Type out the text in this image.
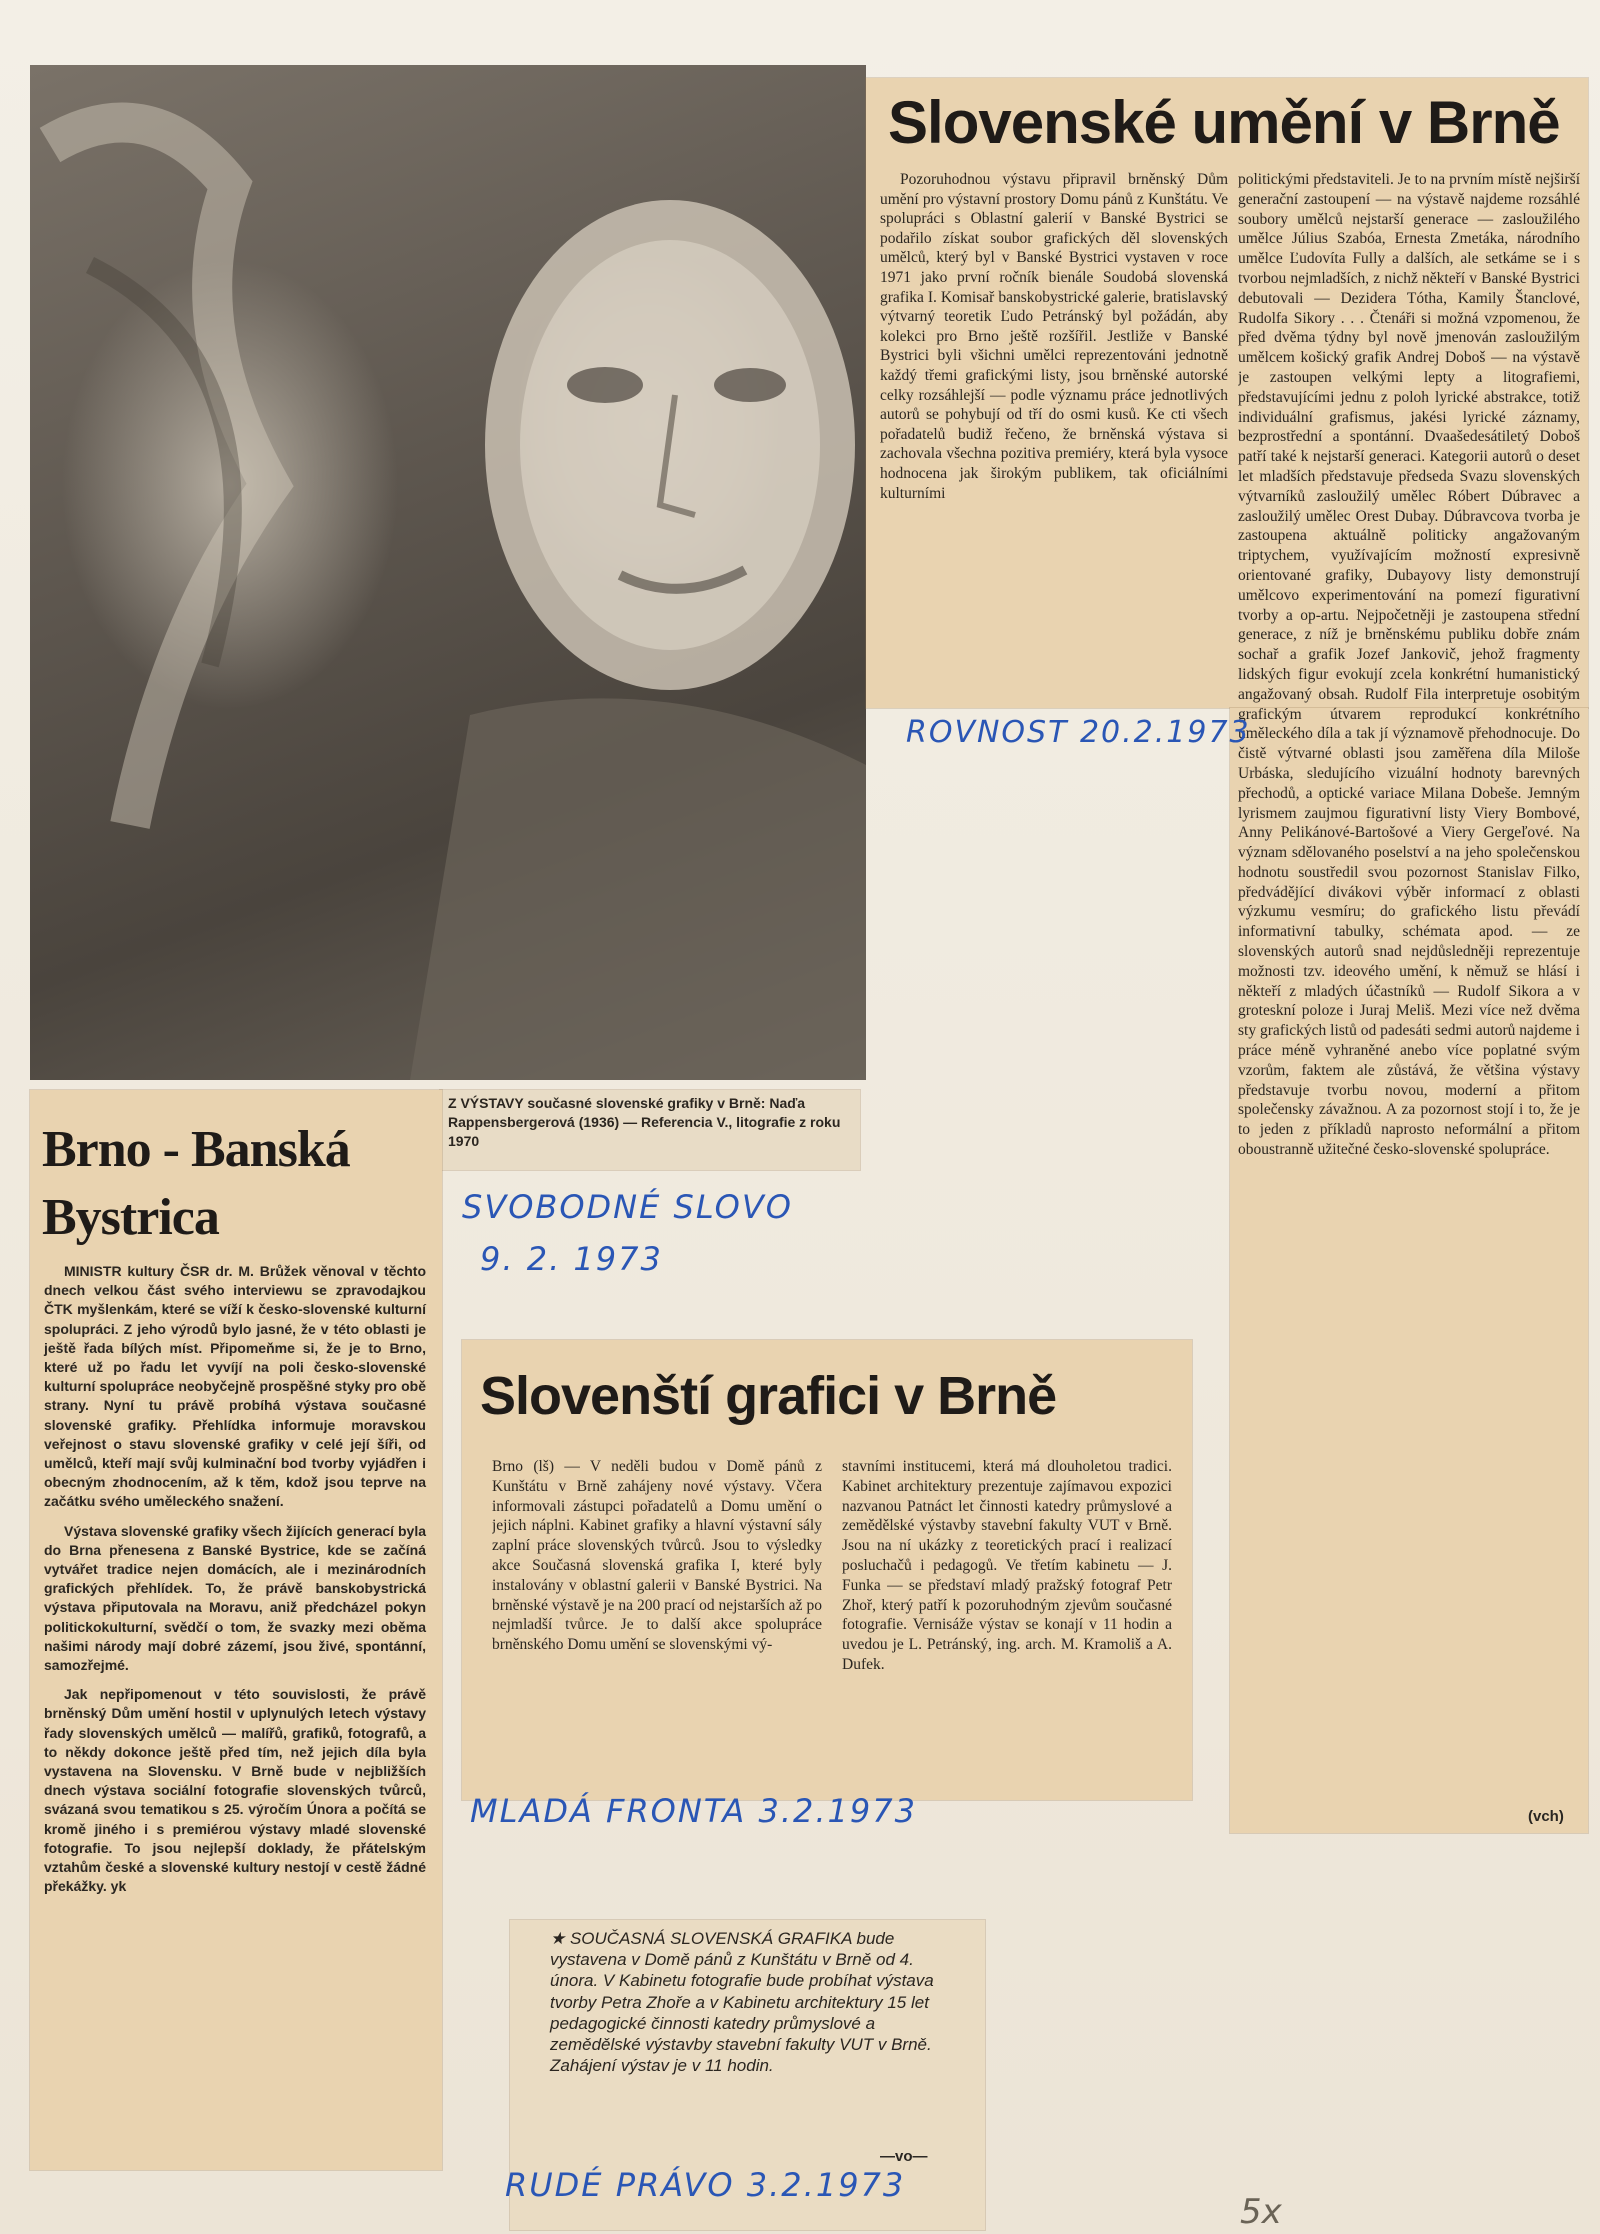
Z VÝSTAVY současné slovenské grafiky v Brně: Naďa Rappensbergerová (1936) — Referencia V., litografie z roku 1970

Brno - Banská
Bystrica

MINISTR kultury ČSR dr. M. Brůžek věnoval v těchto dnech velkou část svého interviewu se zpravodajkou ČTK myšlenkám, které se víží k česko-slovenské kulturní spolupráci. Z jeho výrodů bylo jasné, že v této oblasti je ještě řada bílých míst. Připomeňme si, že je to Brno, které už po řadu let vyvíjí na poli česko-slovenské kulturní spolupráce neobyčejně prospěšné styky pro obě strany. Nyní tu právě probíhá výstava současné slovenské grafiky. Přehlídka informuje moravskou veřejnost o stavu slovenské grafiky v celé její šíři, od umělců, kteří mají svůj kulminační bod tvorby vyjádřen i obecným zhodnocením, až k těm, kdož jsou teprve na začátku svého uměleckého snažení.

Výstava slovenské grafiky všech žijících generací byla do Brna přenesena z Banské Bystrice, kde se začíná vytvářet tradice nejen domácích, ale i mezinárodních grafických přehlídek. To, že právě banskobystrická výstava připutovala na Moravu, aniž předcházel pokyn politickokulturní, svědčí o tom, že svazky mezi oběma našimi národy mají dobré zázemí, jsou živé, spontánní, samozřejmé.

Jak nepřipomenout v této souvislosti, že právě brněnský Dům umění hostil v uplynulých letech výstavy řady slovenských umělců — malířů, grafiků, fotografů, a to někdy dokonce ještě před tím, než jejich díla byla vystavena na Slovensku. V Brně bude v nejbližších dnech výstava sociální fotografie slovenských tvůrců, svázaná svou tematikou s 25. výročím Února a počítá se kromě jiného i s premiérou výstavy mladé slovenské fotografie. To jsou nejlepší doklady, že přátelským vztahům české a slovenské kultury nestojí v cestě žádné překážky. yk

SVOBODNÉ SLOVO
9. 2. 1973
Slovenské umění v Brně

Pozoruhodnou výstavu připravil brněnský Dům umění pro výstavní prostory Domu pánů z Kunštátu. Ve spolupráci s Oblastní galerií v Banské Bystrici se podařilo získat soubor grafických děl slovenských umělců, který byl v Banské Bystrici vystaven v roce 1971 jako první ročník bienále Soudobá slovenská grafika I. Komisař banskobystrické galerie, bratislavský výtvarný teoretik Ľudo Petránský byl požádán, aby kolekci pro Brno ještě rozšířil. Jestliže v Banské Bystrici byli všichni umělci reprezentováni jednotně každý třemi grafickými listy, jsou brněnské autorské celky rozsáhlejší — podle významu práce jednotlivých autorů se pohybují od tří do osmi kusů. Ke cti všech pořadatelů budiž řečeno, že brněnská výstava si zachovala všechna pozitiva premiéry, která byla vysoce hodnocena jak širokým publikem, tak oficiálními kulturními

politickými představiteli. Je to na prvním místě nejširší generační zastoupení — na výstavě najdeme rozsáhlé soubory umělců nejstarší generace — zasloužilého umělce Július Szabóa, Ernesta Zmetáka, národního umělce Ľudovíta Fully a dalších, ale setkáme se i s tvorbou nejmladších, z nichž někteří v Banské Bystrici debutovali — Dezidera Tótha, Kamily Štanclové, Rudolfa Sikory . . . Čtenáři si možná vzpomenou, že před dvěma týdny byl nově jmenován zasloužilým umělcem košický grafik Andrej Doboš — na výstavě je zastoupen velkými lepty a litografiemi, představujícími jednu z poloh lyrické abstrakce, totiž individuální grafismus, jakési lyrické záznamy, bezprostřední a spontánní. Dvaašedesátiletý Doboš patří také k nejstarší generaci. Kategorii autorů o deset let mladších představuje předseda Svazu slovenských výtvarníků zasloužilý umělec Róbert Dúbravec a zasloužilý umělec Orest Dubay. Dúbravcova tvorba je zastoupena aktuálně politicky angažovaným triptychem, využívajícím možností expresivně orientované grafiky, Dubayovy listy demonstrují umělcovo experimentování na pomezí figurativní tvorby a op-artu. Nejpočetněji je zastoupena střední generace, z níž je brněnskému publiku dobře znám sochař a grafik Jozef Jankovič, jehož fragmenty lidských figur evokují zcela konkrétní humanistický angažovaný obsah. Rudolf Fila interpretuje osobitým grafickým útvarem reprodukcí konkrétního uměleckého díla a tak jí významově přehodnocuje. Do čistě výtvarné oblasti jsou zaměřena díla Miloše Urbáska, sledujícího vizuální hodnoty barevných přechodů, a optické variace Milana Dobeše. Jemným lyrismem zaujmou figurativní listy Viery Bombové, Anny Pelikánové-Bartošové a Viery Gergeľové. Na význam sdělovaného poselství a na jeho společenskou hodnotu soustředil svou pozornost Stanislav Filko, předvádějící divákovi výběr informací z oblasti výzkumu vesmíru; do grafického listu převádí informativní tabulky, schémata apod. — ze slovenských autorů snad nejdůsledněji reprezentuje možnosti tzv. ideového umění, k němuž se hlásí i někteří z mladých účastníků — Rudolf Sikora a v groteskní poloze i Juraj Meliš. Mezi více než dvěma sty grafických listů od padesáti sedmi autorů najdeme i práce méně vyhraněné anebo více poplatné svým vzorům, faktem ale zůstává, že většina výstavy představuje tvorbu novou, moderní a přitom společensky závažnou. A za pozornost stojí i to, že je to jeden z příkladů naprosto neformální a přitom oboustranně užitečné česko-slovenské spolupráce.

(vch)
ROVNOST 20.2.1973
Slovenští grafici v Brně

Brno (lš) — V neděli budou v Domě pánů z Kunštátu v Brně zahájeny nové výstavy. Včera informovali zástupci pořadatelů a Domu umění o jejich náplni. Kabinet grafiky a hlavní výstavní sály zaplní práce slovenských tvůrců. Jsou to výsledky akce Současná slovenská grafika I, které byly instalovány v oblastní galerii v Banské Bystrici. Na brněnské výstavě je na 200 prací od nejstarších až po nejmladší tvůrce. Je to další akce spolupráce brněnského Domu umění se slovenskými vý-

stavními institucemi, která má dlouholetou tradici. Kabinet architektury prezentuje zajímavou expozici nazvanou Patnáct let činnosti katedry průmyslové a zemědělské výstavby stavební fakulty VUT v Brně. Jsou na ní ukázky z teoretických prací i realizací posluchačů i pedagogů. Ve třetím kabinetu — J. Funka — se představí mladý pražský fotograf Petr Zhoř, který patří k pozoruhodným zjevům současné fotografie. Vernisáže výstav se konají v 11 hodin a uvedou je L. Petránský, ing. arch. M. Kramoliš a A. Dufek.

MLADÁ FRONTA 3.2.1973

★ SOUČASNÁ SLOVENSKÁ GRAFIKA bude vystavena v Domě pánů z Kunštátu v Brně od 4. února. V Kabinetu fotografie bude probíhat výstava tvorby Petra Zhoře a v Kabinetu architektury 15 let pedagogické činnosti katedry průmyslové a zemědělské výstavby stavební fakulty VUT v Brně. Zahájení výstav je v 11 hodin.

—vo—
RUDÉ PRÁVO 3.2.1973
5x
